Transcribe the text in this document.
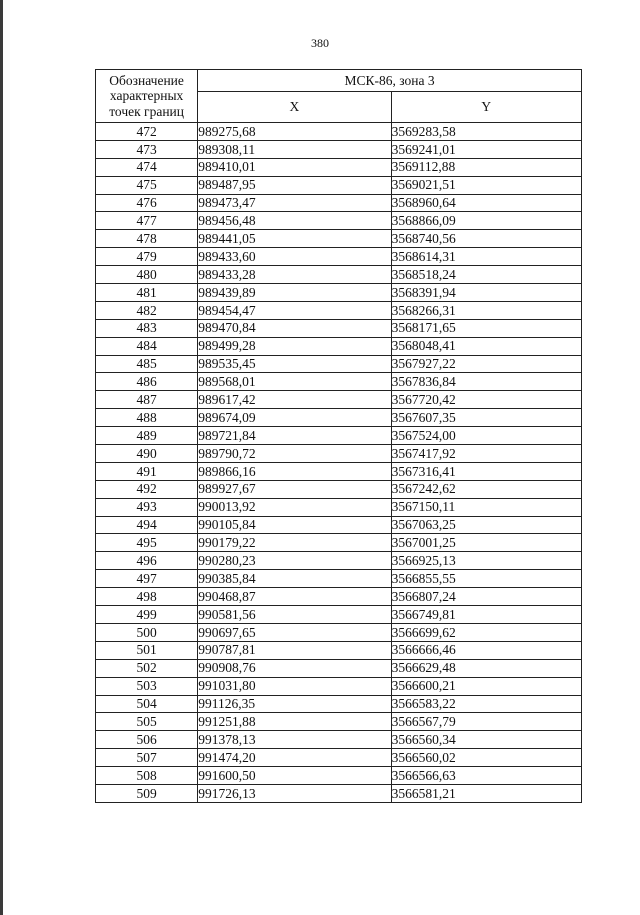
380
Обозначение характерных точек границ	МСК-86, зона 3	
	X	Y
472	989275,68	3569283,58
473	989308,11	3569241,01
474	989410,01	3569112,88
475	989487,95	3569021,51
476	989473,47	3568960,64
477	989456,48	3568866,09
478	989441,05	3568740,56
479	989433,60	3568614,31
480	989433,28	3568518,24
481	989439,89	3568391,94
482	989454,47	3568266,31
483	989470,84	3568171,65
484	989499,28	3568048,41
485	989535,45	3567927,22
486	989568,01	3567836,84
487	989617,42	3567720,42
488	989674,09	3567607,35
489	989721,84	3567524,00
490	989790,72	3567417,92
491	989866,16	3567316,41
492	989927,67	3567242,62
493	990013,92	3567150,11
494	990105,84	3567063,25
495	990179,22	3567001,25
496	990280,23	3566925,13
497	990385,84	3566855,55
498	990468,87	3566807,24
499	990581,56	3566749,81
500	990697,65	3566699,62
501	990787,81	3566666,46
502	990908,76	3566629,48
503	991031,80	3566600,21
504	991126,35	3566583,22
505	991251,88	3566567,79
506	991378,13	3566560,34
507	991474,20	3566560,02
508	991600,50	3566566,63
509	991726,13	3566581,21
